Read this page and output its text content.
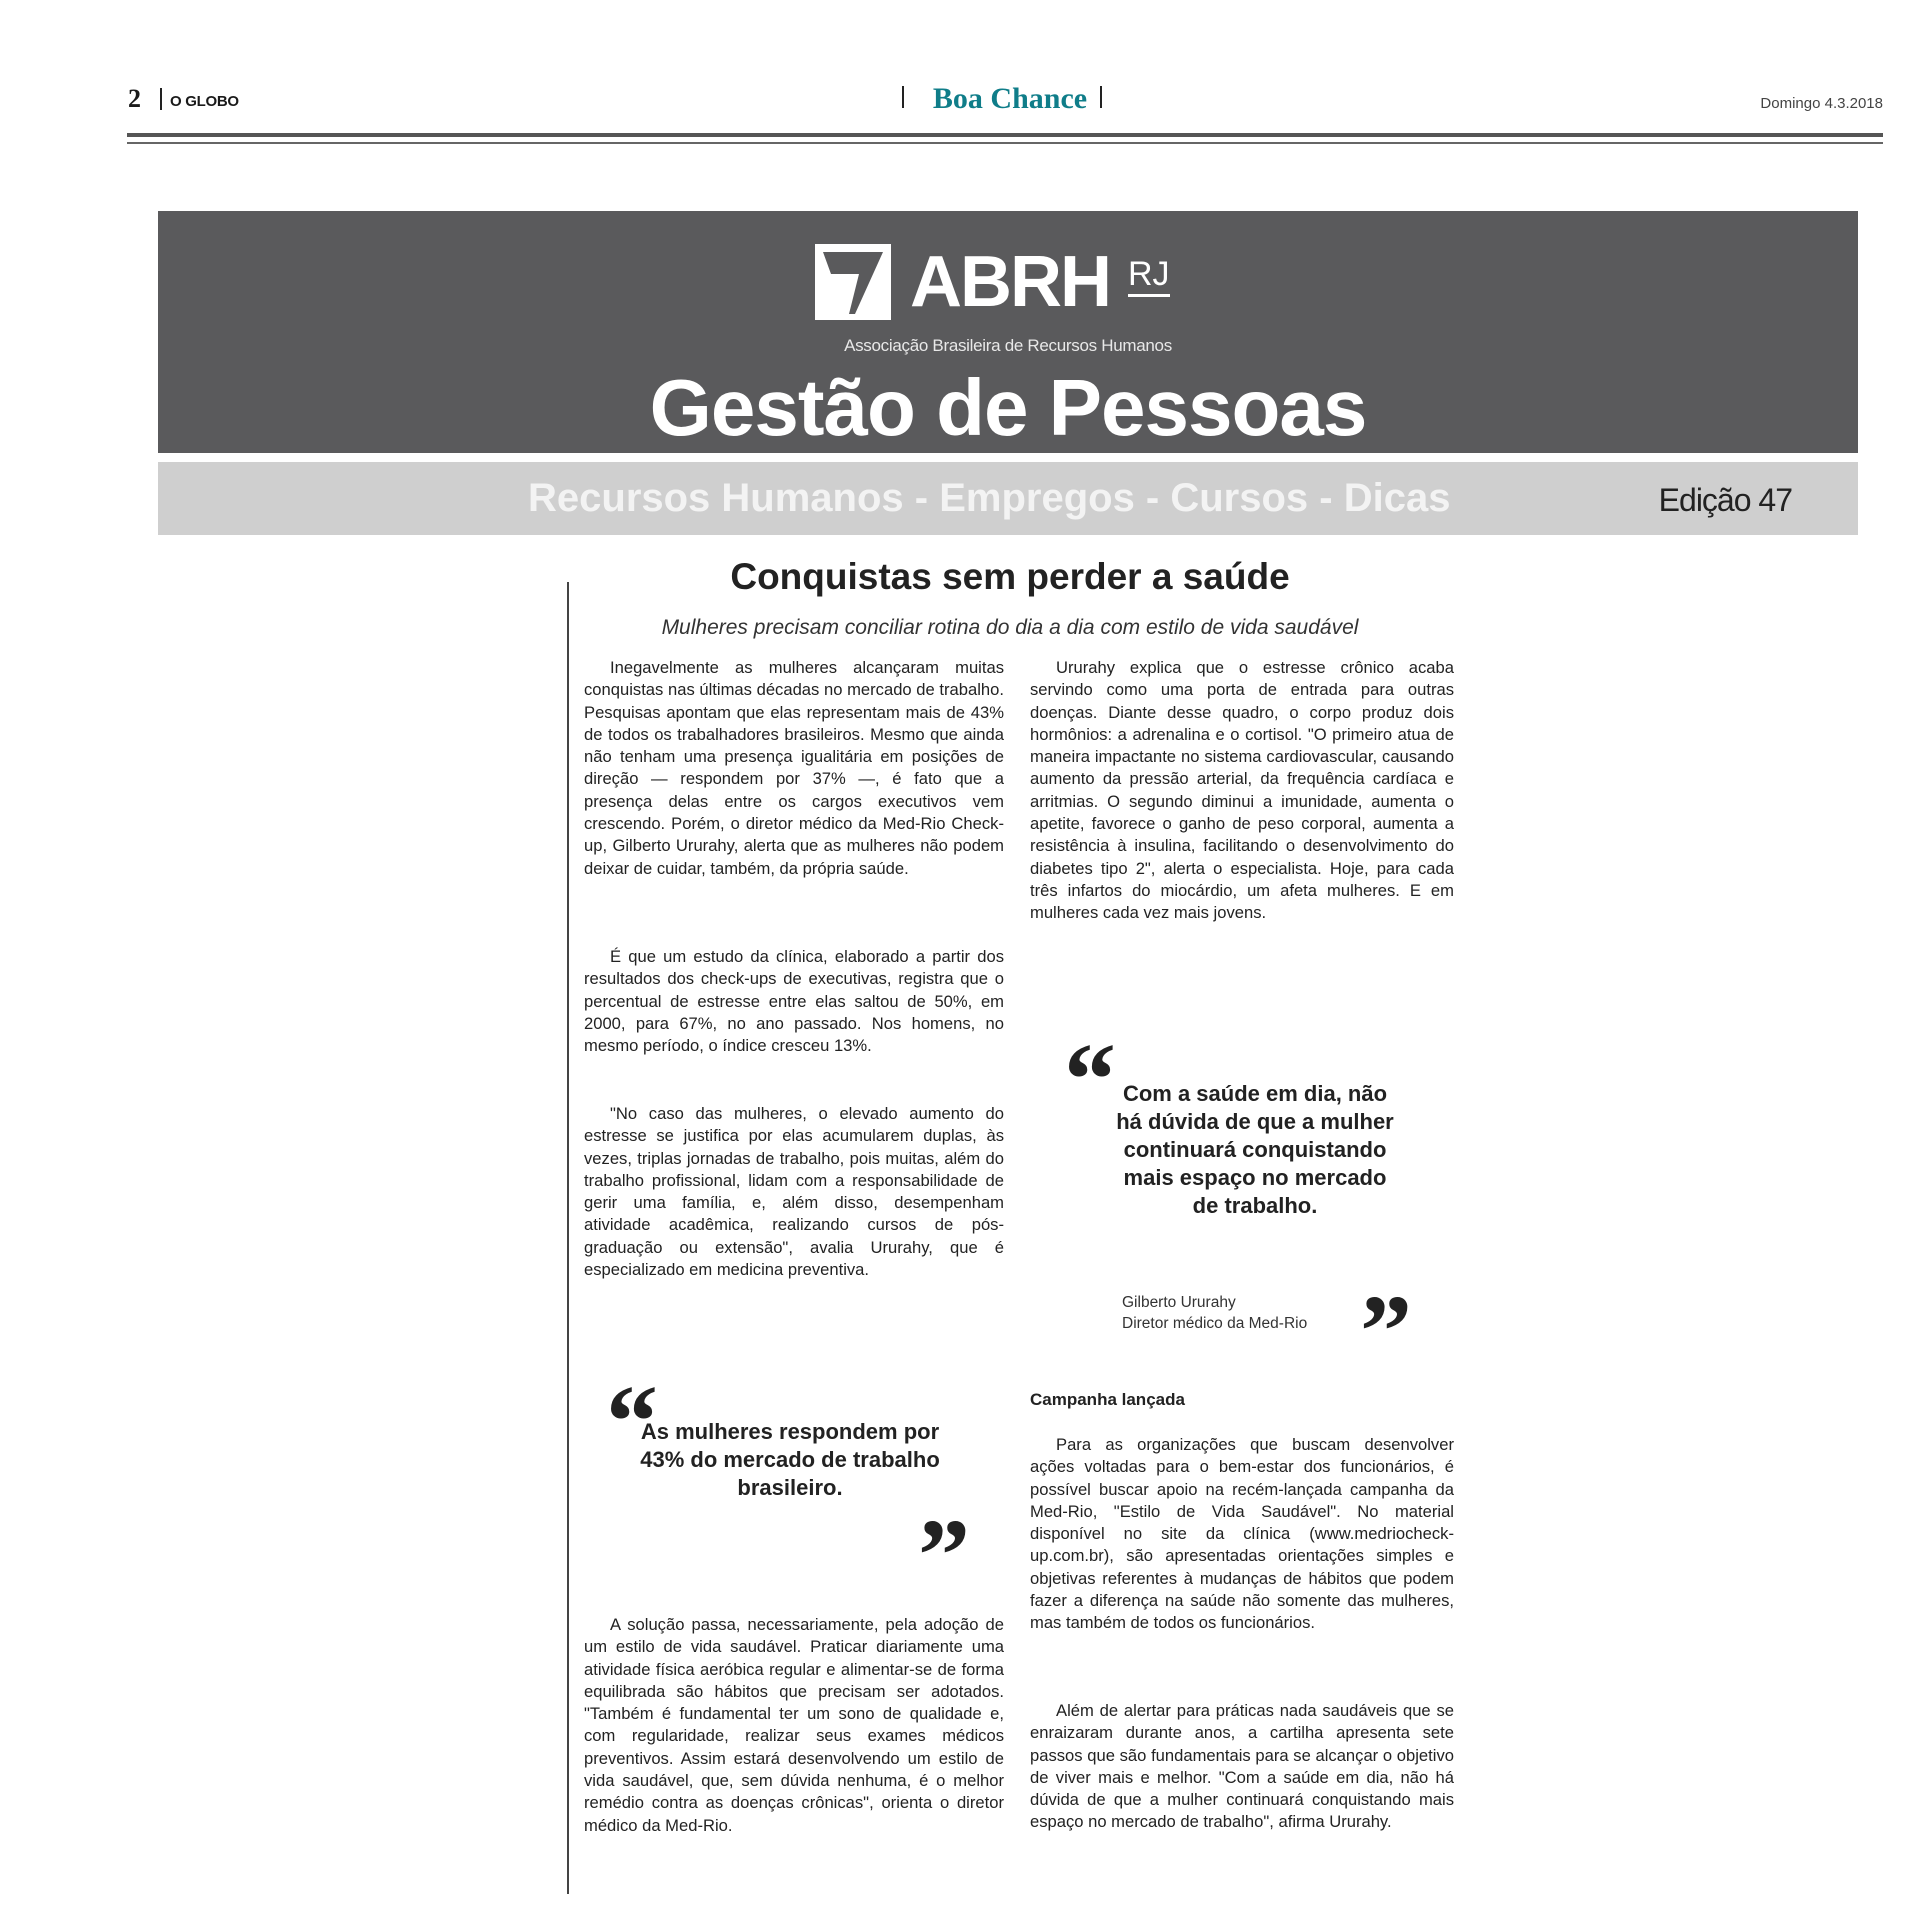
2 O GLOBO	Boa Chance	Domingo 4.3.2018
ABRH RJ
Associação Brasileira de Recursos Humanos
Gestão de Pessoas
Recursos Humanos - Empregos - Cursos - Dicas	Edição 47
Conquistas sem perder a saúde
Mulheres precisam conciliar rotina do dia a dia com estilo de vida saudável

Inegavelmente as mulheres alcançaram muitas conquistas nas últimas décadas no mercado de trabalho. Pesquisas apontam que elas representam mais de 43% de todos os trabalhadores brasileiros. Mesmo que ainda não tenham uma presença igualitária em posições de direção — respondem por 37% —, é fato que a presença delas entre os cargos executivos vem crescendo. Porém, o diretor médico da Med-Rio Check-up, Gilberto Ururahy, alerta que as mulheres não podem deixar de cuidar, também, da própria saúde.

É que um estudo da clínica, elaborado a partir dos resultados dos check-ups de executivas, registra que o percentual de estresse entre elas saltou de 50%, em 2000, para 67%, no ano passado. Nos homens, no mesmo período, o índice cresceu 13%.

"No caso das mulheres, o elevado aumento do estresse se justifica por elas acumularem duplas, às vezes, triplas jornadas de trabalho, pois muitas, além do trabalho profissional, lidam com a responsabilidade de gerir uma família, e, além disso, desempenham atividade acadêmica, realizando cursos de pós-graduação ou extensão", avalia Ururahy, que é especializado em medicina preventiva.

A solução passa, necessariamente, pela adoção de um estilo de vida saudável. Praticar diariamente uma atividade física aeróbica regular e alimentar-se de forma equilibrada são hábitos que precisam ser adotados. "Também é fundamental ter um sono de qualidade e, com regularidade, realizar seus exames médicos preventivos. Assim estará desenvolvendo um estilo de vida saudável, que, sem dúvida nenhuma, é o melhor remédio contra as doenças crônicas", orienta o diretor médico da Med-Rio.

Ururahy explica que o estresse crônico acaba servindo como uma porta de entrada para outras doenças. Diante desse quadro, o corpo produz dois hormônios: a adrenalina e o cortisol. "O primeiro atua de maneira impactante no sistema cardiovascular, causando aumento da pressão arterial, da frequência cardíaca e arritmias. O segundo diminui a imunidade, aumenta o apetite, favorece o ganho de peso corporal, aumenta a resistência à insulina, facilitando o desenvolvimento do diabetes tipo 2", alerta o especialista. Hoje, para cada três infartos do miocárdio, um afeta mulheres. E em mulheres cada vez mais jovens.

Campanha lançada

Para as organizações que buscam desenvolver ações voltadas para o bem-estar dos funcionários, é possível buscar apoio na recém-lançada campanha da Med-Rio, "Estilo de Vida Saudável". No material disponível no site da clínica (www.medriocheck-up.com.br), são apresentadas orientações simples e objetivas referentes à mudanças de hábitos que podem fazer a diferença na saúde não somente das mulheres, mas também de todos os funcionários.

Além de alertar para práticas nada saudáveis que se enraizaram durante anos, a cartilha apresenta sete passos que são fundamentais para se alcançar o objetivo de viver mais e melhor. "Com a saúde em dia, não há dúvida de que a mulher continuará conquistando mais espaço no mercado de trabalho", afirma Ururahy.

“ Com a saúde em dia, não há dúvida de que a mulher continuará conquistando mais espaço no mercado de trabalho.

Gilberto Ururahy
Diretor médico da Med-Rio ”
“

As mulheres respondem por 43% do mercado de trabalho brasileiro.

”
